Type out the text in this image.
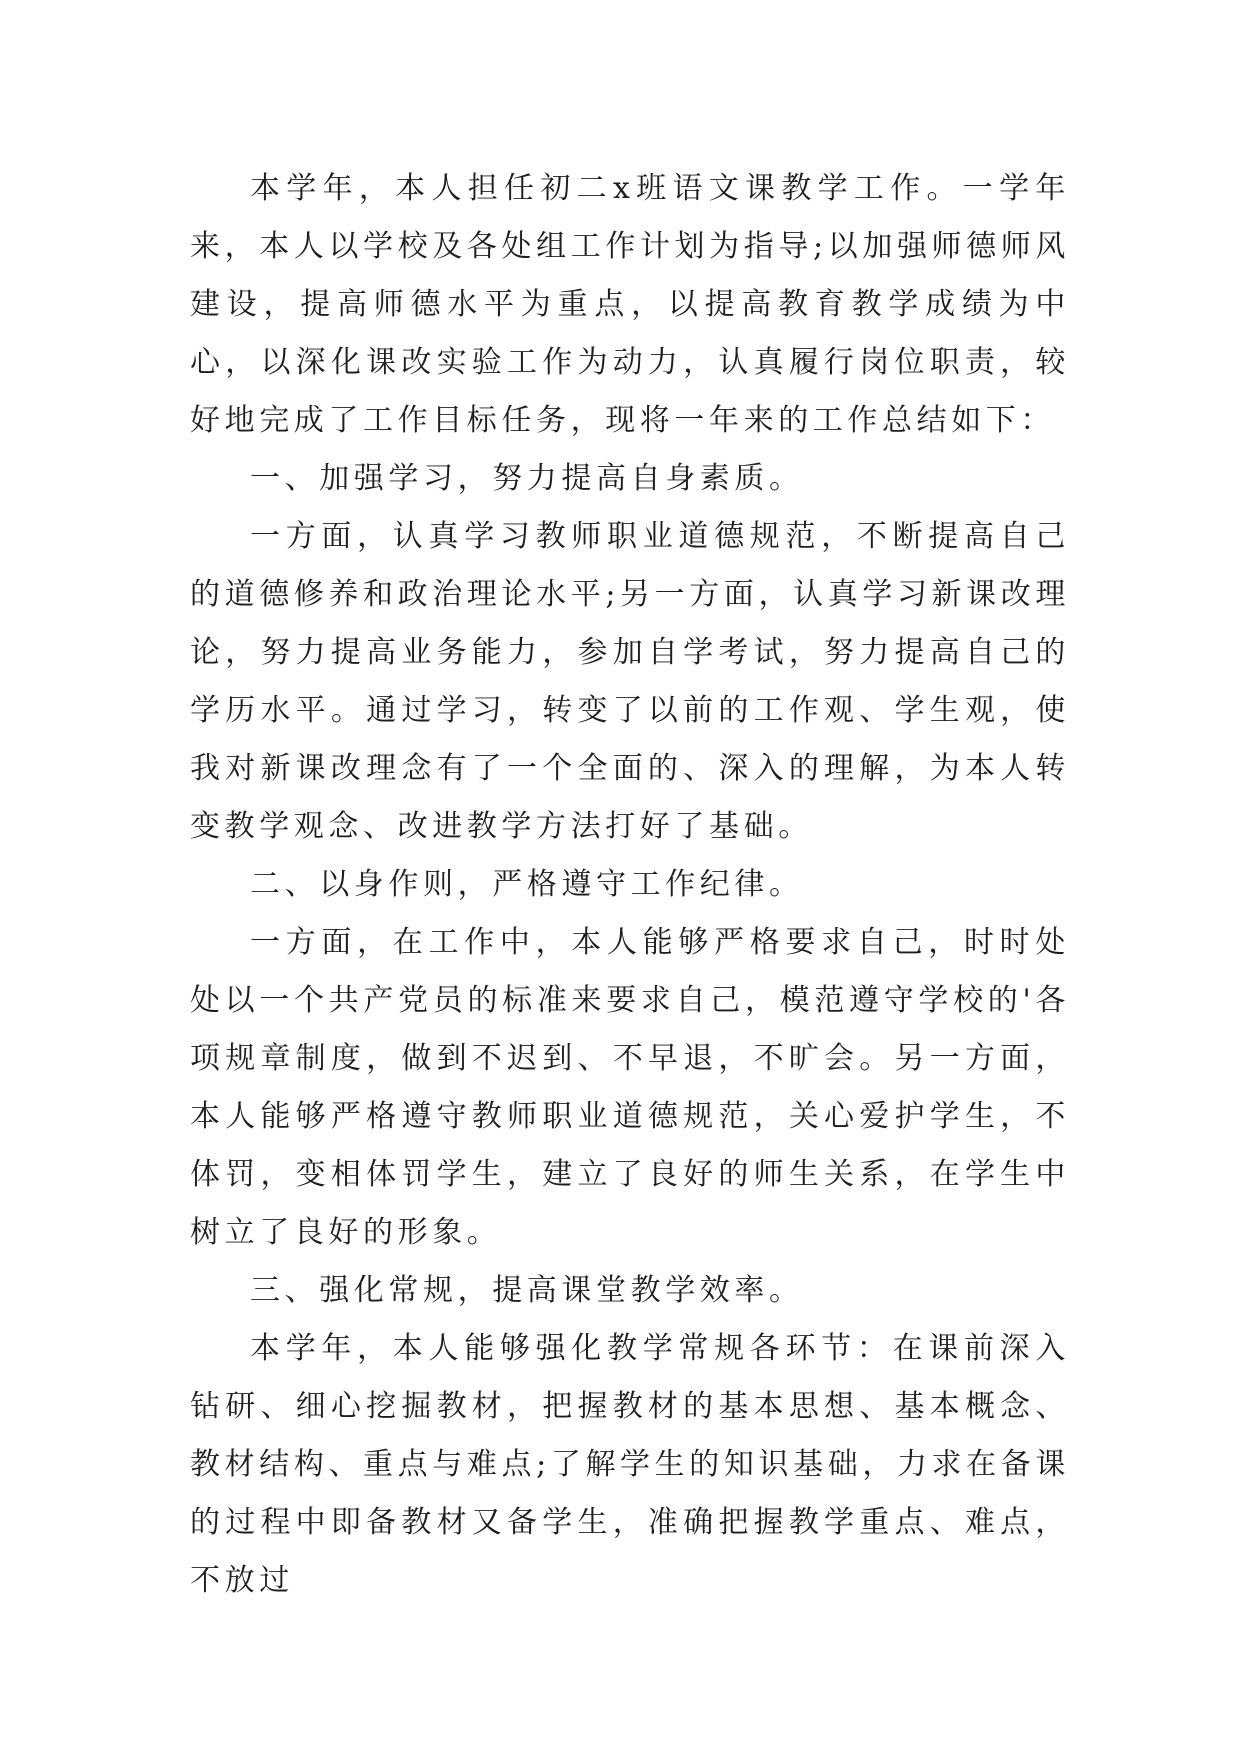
本学年，本人担任初二x班语文课教学工作。一学年来，本人以学校及各处组工作计划为指导;以加强师德师风建设，提高师德水平为重点，以提高教育教学成绩为中心，以深化课改实验工作为动力，认真履行岗位职责，较好地完成了工作目标任务，现将一年来的工作总结如下：

一、加强学习，努力提高自身素质。

一方面，认真学习教师职业道德规范，不断提高自己的道德修养和政治理论水平;另一方面，认真学习新课改理论，努力提高业务能力，参加自学考试，努力提高自己的学历水平。通过学习，转变了以前的工作观、学生观，使我对新课改理念有了一个全面的、深入的理解，为本人转变教学观念、改进教学方法打好了基础。

二、以身作则，严格遵守工作纪律。

一方面，在工作中，本人能够严格要求自己，时时处处以一个共产党员的标准来要求自己，模范遵守学校的'各项规章制度，做到不迟到、不早退，不旷会。另一方面，本人能够严格遵守教师职业道德规范，关心爱护学生，不体罚，变相体罚学生，建立了良好的师生关系，在学生中树立了良好的形象。

三、强化常规，提高课堂教学效率。

本学年，本人能够强化教学常规各环节：在课前深入钻研、细心挖掘教材，把握教材的基本思想、基本概念、教材结构、重点与难点;了解学生的知识基础，力求在备课的过程中即备教材又备学生，准确把握教学重点、难点，不放过
